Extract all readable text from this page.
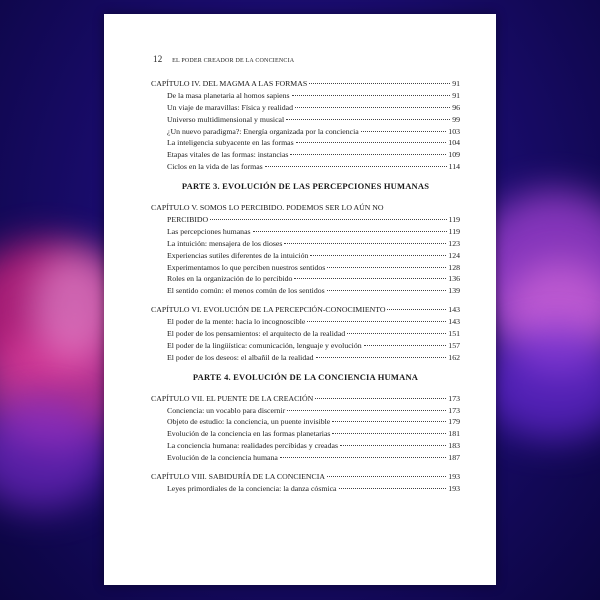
12 EL PODER CREADOR DE LA CONCIENCIA
CAPÍTULO IV. DEL MAGMA A LAS FORMAS	91
De la masa planetaria al homos sapiens	91
Un viaje de maravillas: Física y realidad	96
Universo multidimensional y musical	99
¿Un nuevo paradigma?: Energía organizada por la conciencia	103
La inteligencia subyacente en las formas	104
Etapas vitales de las formas: instancias	109
Ciclos en la vida de las formas	114
PARTE 3. EVOLUCIÓN DE LAS PERCEPCIONES HUMANAS
CAPÍTULO V. SOMOS LO PERCIBIDO. PODEMOS SER LO AÚN NO
PERCIBIDO	119
Las percepciones humanas	119
La intuición: mensajera de los dioses	123
Experiencias sutiles diferentes de la intuición	124
Experimentamos lo que perciben nuestros sentidos	128
Roles en la organización de lo percibido	136
El sentido común: el menos común de los sentidos	139
CAPÍTULO VI. EVOLUCIÓN DE LA PERCEPCIÓN-CONOCIMIENTO	143
El poder de la mente: hacia lo incognoscible	143
El poder de los pensamientos: el arquitecto de la realidad	151
El poder de la lingüística: comunicación, lenguaje y evolución	157
El poder de los deseos: el albañil de la realidad	162
PARTE 4. EVOLUCIÓN DE LA CONCIENCIA HUMANA
CAPÍTULO VII. EL PUENTE DE LA CREACIÓN	173
Conciencia: un vocablo para discernir	173
Objeto de estudio: la conciencia, un puente invisible	179
Evolución de la conciencia en las formas planetarias	181
La conciencia humana: realidades percibidas y creadas	183
Evolución de la conciencia humana	187
CAPÍTULO VIII. SABIDURÍA DE LA CONCIENCIA	193
Leyes primordiales de la conciencia: la danza cósmica	193
